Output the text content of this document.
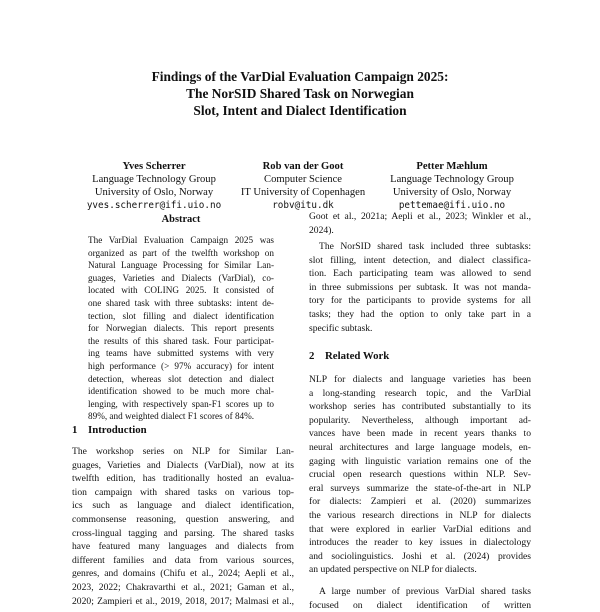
Findings of the VarDial Evaluation Campaign 2025:
The NorSID Shared Task on Norwegian
Slot, Intent and Dialect Identification
Yves Scherrer
Language Technology Group
University of Oslo, Norway
yves.scherrer@ifi.uio.no
Rob van der Goot
Computer Science
IT University of Copenhagen
robv@itu.dk
Petter Mæhlum
Language Technology Group
University of Oslo, Norway
pettemae@ifi.uio.no
Abstract
The VarDial Evaluation Campaign 2025 was
organized as part of the twelfth workshop on
Natural Language Processing for Similar Lan-
guages, Varieties and Dialects (VarDial), co-
located with COLING 2025. It consisted of
one shared task with three subtasks: intent de-
tection, slot filling and dialect identification
for Norwegian dialects. This report presents
the results of this shared task. Four participat-
ing teams have submitted systems with very
high performance (> 97% accuracy) for intent
detection, whereas slot detection and dialect
identification showed to be much more chal-
lenging, with respectively span-F1 scores up to
89%, and weighted dialect F1 scores of 84%.
1 Introduction
The workshop series on NLP for Similar Lan-
guages, Varieties and Dialects (VarDial), now at its
twelfth edition, has traditionally hosted an evalua-
tion campaign with shared tasks on various top-
ics such as language and dialect identification,
commonsense reasoning, question answering, and
cross-lingual tagging and parsing. The shared tasks
have featured many languages and dialects from
different families and data from various sources,
genres, and domains (Chifu et al., 2024; Aepli et al.,
2023, 2022; Chakravarthi et al., 2021; Gaman et al.,
2020; Zampieri et al., 2019, 2018, 2017; Malmasi et al.,
Goot et al., 2021a; Aepli et al., 2023; Winkler et al.,
2024).
The NorSID shared task included three subtasks:
slot filling, intent detection, and dialect classifica-
tion. Each participating team was allowed to send
in three submissions per subtask. It was not manda-
tory for the participants to provide systems for all
tasks; they had the option to only take part in a
specific subtask.
2 Related Work
NLP for dialects and language varieties has been
a long-standing research topic, and the VarDial
workshop series has contributed substantially to its
popularity. Nevertheless, although important ad-
vances have been made in recent years thanks to
neural architectures and large language models, en-
gaging with linguistic variation remains one of the
crucial open research questions within NLP. Sev-
eral surveys summarize the state-of-the-art in NLP
for dialects: Zampieri et al. (2020) summarizes
the various research directions in NLP for dialects
that were explored in earlier VarDial editions and
introduces the reader to key issues in dialectology
and sociolinguistics. Joshi et al. (2024) provides
an updated perspective on NLP for dialects.
A large number of previous VarDial shared tasks
focused on dialect identification of written
